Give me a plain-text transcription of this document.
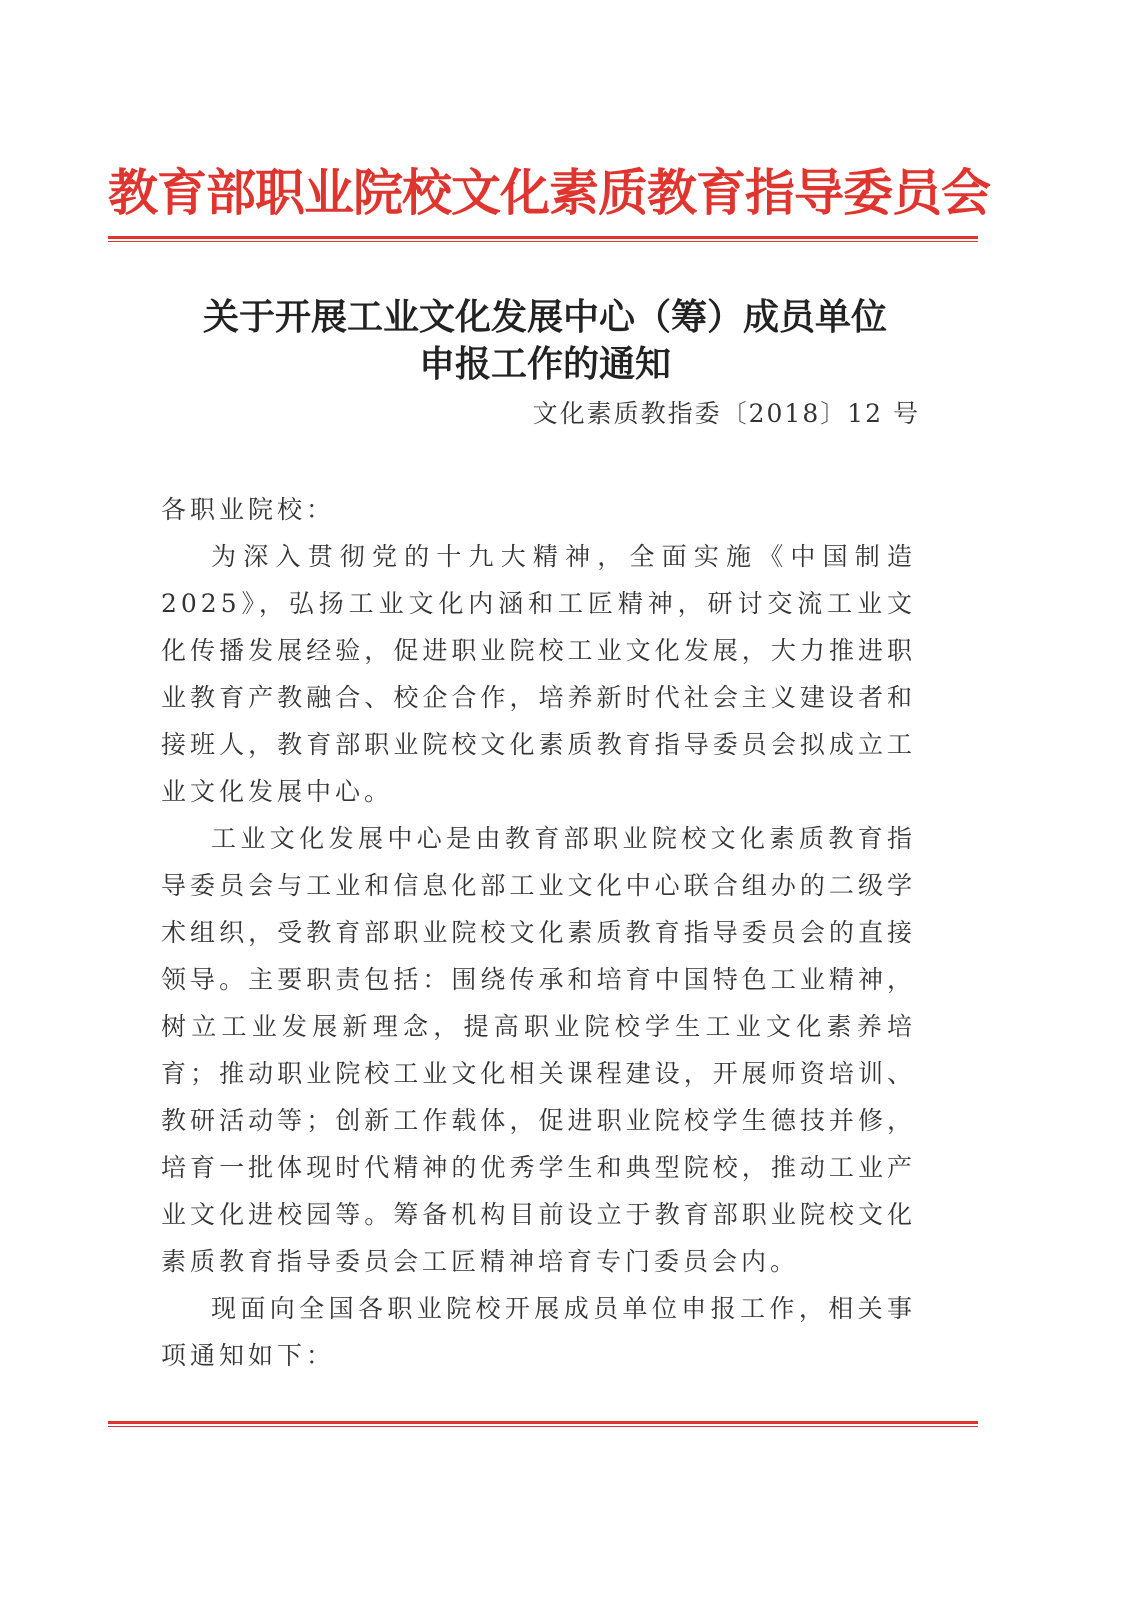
教育部职业院校文化素质教育指导委员会
关于开展工业文化发展中心（筹）成员单位
申报工作的通知
文化素质教指委〔2018〕12 号

各职业院校：

为深入贯彻党的十九大精神，全面实施《中国制造 2025》，弘扬工业文化内涵和工匠精神，研讨交流工业文化传播发展经验，促进职业院校工业文化发展，大力推进职业教育产教融合、校企合作，培养新时代社会主义建设者和接班人，教育部职业院校文化素质教育指导委员会拟成立工业文化发展中心。

工业文化发展中心是由教育部职业院校文化素质教育指导委员会与工业和信息化部工业文化中心联合组办的二级学术组织，受教育部职业院校文化素质教育指导委员会的直接领导。主要职责包括：围绕传承和培育中国特色工业精神，树立工业发展新理念，提高职业院校学生工业文化素养培育；推动职业院校工业文化相关课程建设，开展师资培训、教研活动等；创新工作载体，促进职业院校学生德技并修，培育一批体现时代精神的优秀学生和典型院校，推动工业产业文化进校园等。筹备机构目前设立于教育部职业院校文化素质教育指导委员会工匠精神培育专门委员会内。

现面向全国各职业院校开展成员单位申报工作，相关事项通知如下：
